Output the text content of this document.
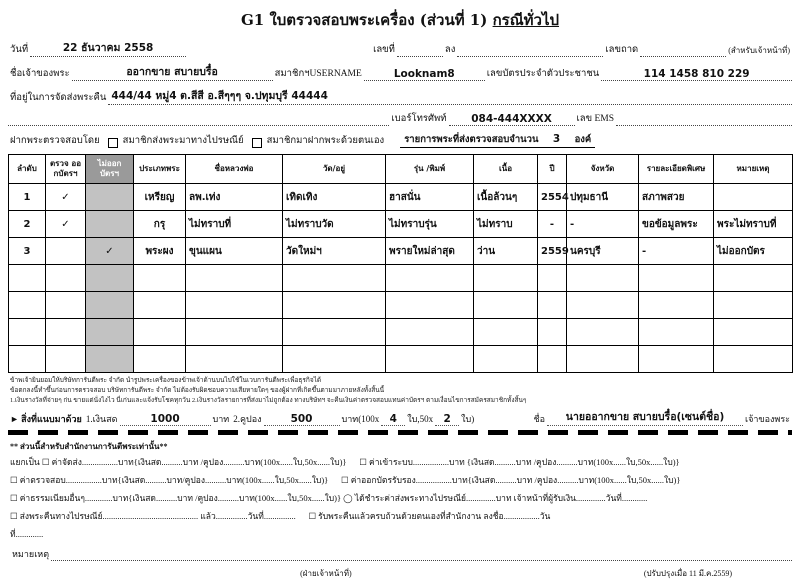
G1 ใบตรวจสอบพระเครื่อง (ส่วนที่ 1) กรณีทั่วไป
วันที่	22 ธันวาคม 2558	เลขที่	ลง	เลขถาด	(สำหรับเจ้าหน้าที่)
ชื่อเจ้าของพระ	ออากขาย สบายบรื๋อ	สมาชิกฯUSERNAME	Looknam8	เลขบัตรประจำตัวประชาชน	114 1458 810 229
ที่อยู่ในการจัดส่งพระคืน 444/44 หมู่4 ต.สีสี อ.สีๆๆๆ จ.ปทุมบุรี 44444
เบอร์โทรศัพท์	084-444XXXX	เลข EMS
ฝากพระตรวจสอบโดย สมาชิกส่งพระมาทางไปรษณีย์ สมาชิกมาฝากพระด้วยตนเอง	รายการพระที่ส่งตรวจสอบจำนวน 3 องค์
ลำดับ	ตรวจ ออกบัตรฯ	ไม่ออก บัตรฯ	ประเภทพระ	ชื่อหลวงพ่อ	วัด/อยู่	รุ่น /พิมพ์	เนื้อ	ปี	จังหวัด	รายละเอียดพิเศษ	หมายเหตุ
1	✓		เหรียญ	ลพ.เท่ง	เทิดเทิง	ฮาสนั่น	เนื้อล้วนๆ	2554	ปทุมธานี	สภาพสวย	
2	✓		กรุ	ไม่ทราบที่	ไม่ทราบวัด	ไม่ทราบรุ่น	ไม่ทราบ	-	-	ขอข้อมูลพระ	พระไม่ทราบที่
3		✓	พระผง	ขุนแผน	วัดใหม่ฯ	พรายใหม่ล่าสุด	ว่าน	2559	นครบุรี	-	ไม่ออกบัตร

ข้าพเจ้ายินยอมให้บริษัทการันตีพระ จำกัด นำรูปพระเครื่องของข้าพเจ้าด้านบนไปใช้ในเวบการันตีพระเพื่อธุรกิจได้
ข้อตกลงนี้ทำขึ้นก่อนการตรวจสอบ บริษัทการันตีพระ จำกัด ไม่ต้องรับผิดชอบความเสียหายใดๆ ของผู้ฝากที่เกิดขึ้นตามมาภายหลังทั้งสิ้นนี้
1.เงินรางวัลที่จ่ายๆ ก่น ขายแต่นั่งไงไว นี่เก่นและแจ้งรับโชคทุกวัน 2.เงินรางวัลรายการที่ส่งมาไม่ถูกต้อง ทางบริษัทฯ จะคืนเงินค่าตรวจสอบแทนค่าบัตรฯ ตามเงื่อนไขการสมัครสมาชิกทั้งสิ้นๆ
► สิ่งที่แนบมาด้วย 1.เงินสด	1000	บาท 2.คูปอง	500	บาท(100x 4	ใบ,50x 2	ใบ)	ชื่อ	นายออากขาย สบายบรื๋อ(เซนต์ชื่อ)	เจ้าของพระ
** ส่วนนี้สำหรับสำนักงานการันตีพระเท่านั้น**
แยกเป็น ☐ ค่าจัดส่ง.................บาท{เงินสด..........บาท /คูปอง..........บาท(100x......ใบ,50x......ใบ)}      ☐ ค่าเข้าระบบ.................บาท {เงินสด..........บาท /คูปอง..........บาท(100x......ใบ,50x......ใบ)}
☐ ค่าตรวจสอบ.................บาท{เงินสด..........บาท/คูปอง..........บาท(100x......ใบ,50x......ใบ)}      ☐ ค่าออกบัตรรับรอง.................บาท{เงินสด..........บาท /คูปอง..........บาท(100x......ใบ,50x......ใบ)}
☐ ค่าธรรมเนียมอื่นๆ.............บาท{เงินสด..........บาท /คูปอง..........บาท(100x......ใบ,50x......ใบ)} ◯ ได้ชำระค่าส่งพระทางไปรษณีย์..............บาท เจ้าหน้าที่ผู้รับเงิน..............วันที่............
☐ ส่งพระคืนทางไปรษณีย์............................................. แล้ว...............วันที่...............      ☐ รับพระคืนแล้วครบถ้วนด้วยตนเองที่สำนักงาน ลงชื่อ.................วัน
ที่.............
หมายเหตุ
(ฝ่ายเจ้าหน้าที่)	(ปรับปรุงเมื่อ 11 มี.ค.2559)
